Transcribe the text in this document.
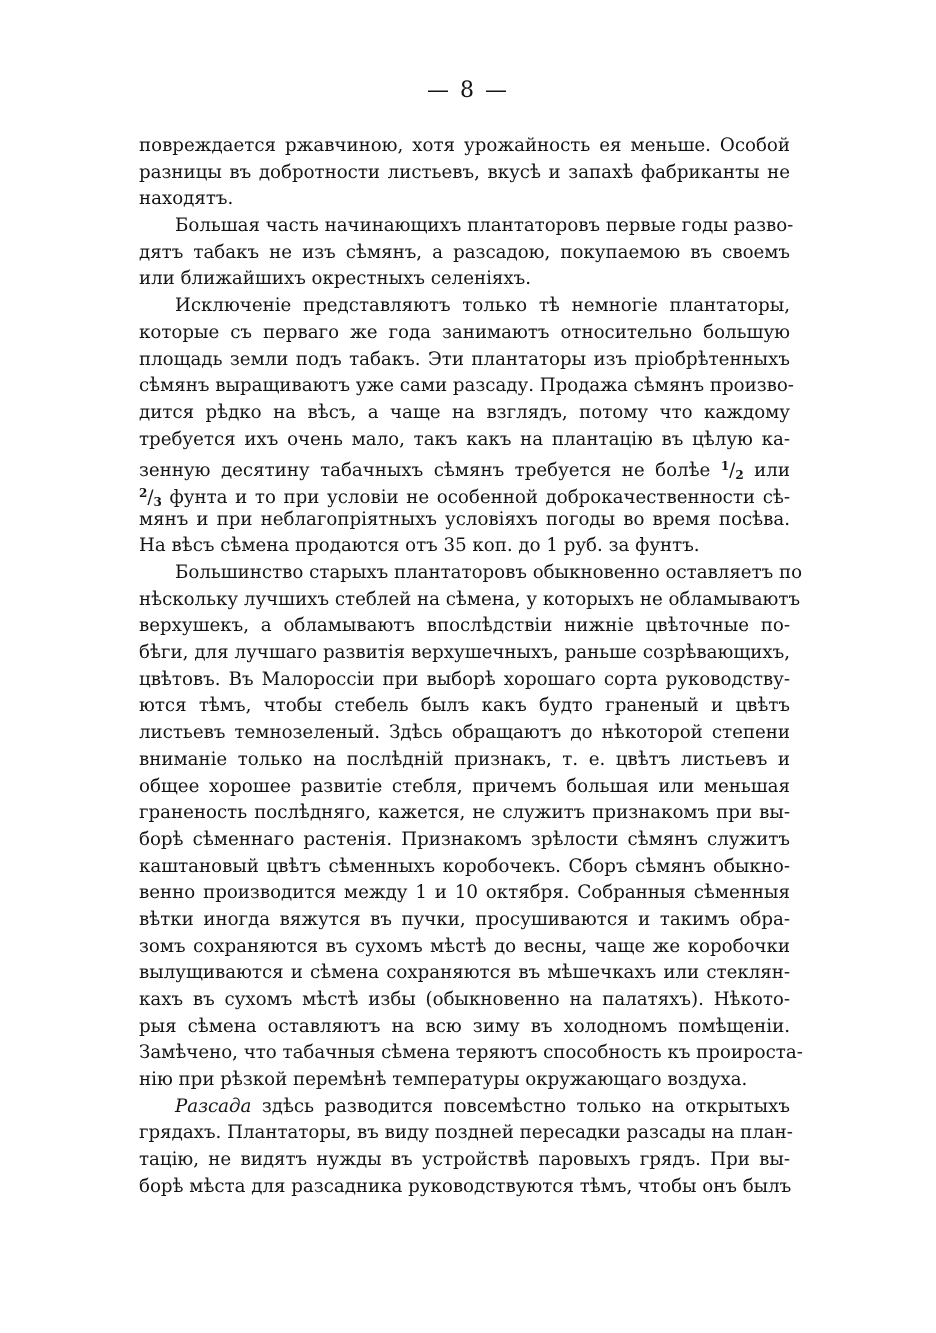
— 8 —
повреждается ржавчиною, хотя урожайность ея меньше. Особой
разницы въ добротности листьевъ, вкусѣ и запахѣ фабриканты не
находятъ.
Большая часть начинающихъ плантаторовъ первые годы разво-
дятъ табакъ не изъ сѣмянъ, а разсадою, покупаемою въ своемъ
или ближайшихъ окрестныхъ селеніяхъ.
Исключеніе представляютъ только тѣ немногіе плантаторы,
которые съ перваго же года занимаютъ относительно большую
площадь земли подъ табакъ. Эти плантаторы изъ пріобрѣтенныхъ
сѣмянъ выращиваютъ уже сами разсаду. Продажа сѣмянъ произво-
дится рѣдко на вѣсъ, а чаще на взглядъ, потому что каждому
требуется ихъ очень мало, такъ какъ на плантацію въ цѣлую ка-
зенную десятину табачныхъ сѣмянъ требуется не болѣе $^1$/2 или
$^2$/3 фунта и то при условіи не особенной доброкачественности сѣ-
мянъ и при неблагопріятныхъ условіяхъ погоды во время посѣва.
На вѣсъ сѣмена продаются отъ 35 коп. до 1 руб. за фунтъ.
Большинство старыхъ плантаторовъ обыкновенно оставляетъ по
нѣскольку лучшихъ стеблей на сѣмена, у которыхъ не обламываютъ
верхушекъ, а обламываютъ впослѣдствіи нижніе цвѣточные по-
бѣги, для лучшаго развитія верхушечныхъ, раньше созрѣвающихъ,
цвѣтовъ. Въ Малороссіи при выборѣ хорошаго сорта руководству-
ются тѣмъ, чтобы стебель былъ какъ будто граненый и цвѣтъ
листьевъ темнозеленый. Здѣсь обращаютъ до нѣкоторой степени
вниманіе только на послѣдній признакъ, т. е. цвѣтъ листьевъ и
общее хорошее развитіе стебля, причемъ большая или меньшая
граненость послѣдняго, кажется, не служитъ признакомъ при вы-
борѣ сѣменнаго растенія. Признакомъ зрѣлости сѣмянъ служитъ
каштановый цвѣтъ сѣменныхъ коробочекъ. Сборъ сѣмянъ обыкно-
венно производится между 1 и 10 октября. Собранныя сѣменныя
вѣтки иногда вяжутся въ пучки, просушиваются и такимъ обра-
зомъ сохраняются въ сухомъ мѣстѣ до весны, чаще же коробочки
вылущиваются и сѣмена сохраняются въ мѣшечкахъ или стеклян-
кахъ въ сухомъ мѣстѣ избы (обыкновенно на палатяхъ). Нѣкото-
рыя сѣмена оставляютъ на всю зиму въ холодномъ помѣщеніи.
Замѣчено, что табачныя сѣмена теряютъ способность къ проироста-
нію при рѣзкой перемѣнѣ температуры окружающаго воздуха.
Разсада здѣсь разводится повсемѣстно только на открытыхъ
грядахъ. Плантаторы, въ виду поздней пересадки разсады на план-
тацію, не видятъ нужды въ устройствѣ паровыхъ грядъ. При вы-
борѣ мѣста для разсадника руководствуются тѣмъ, чтобы онъ былъ
